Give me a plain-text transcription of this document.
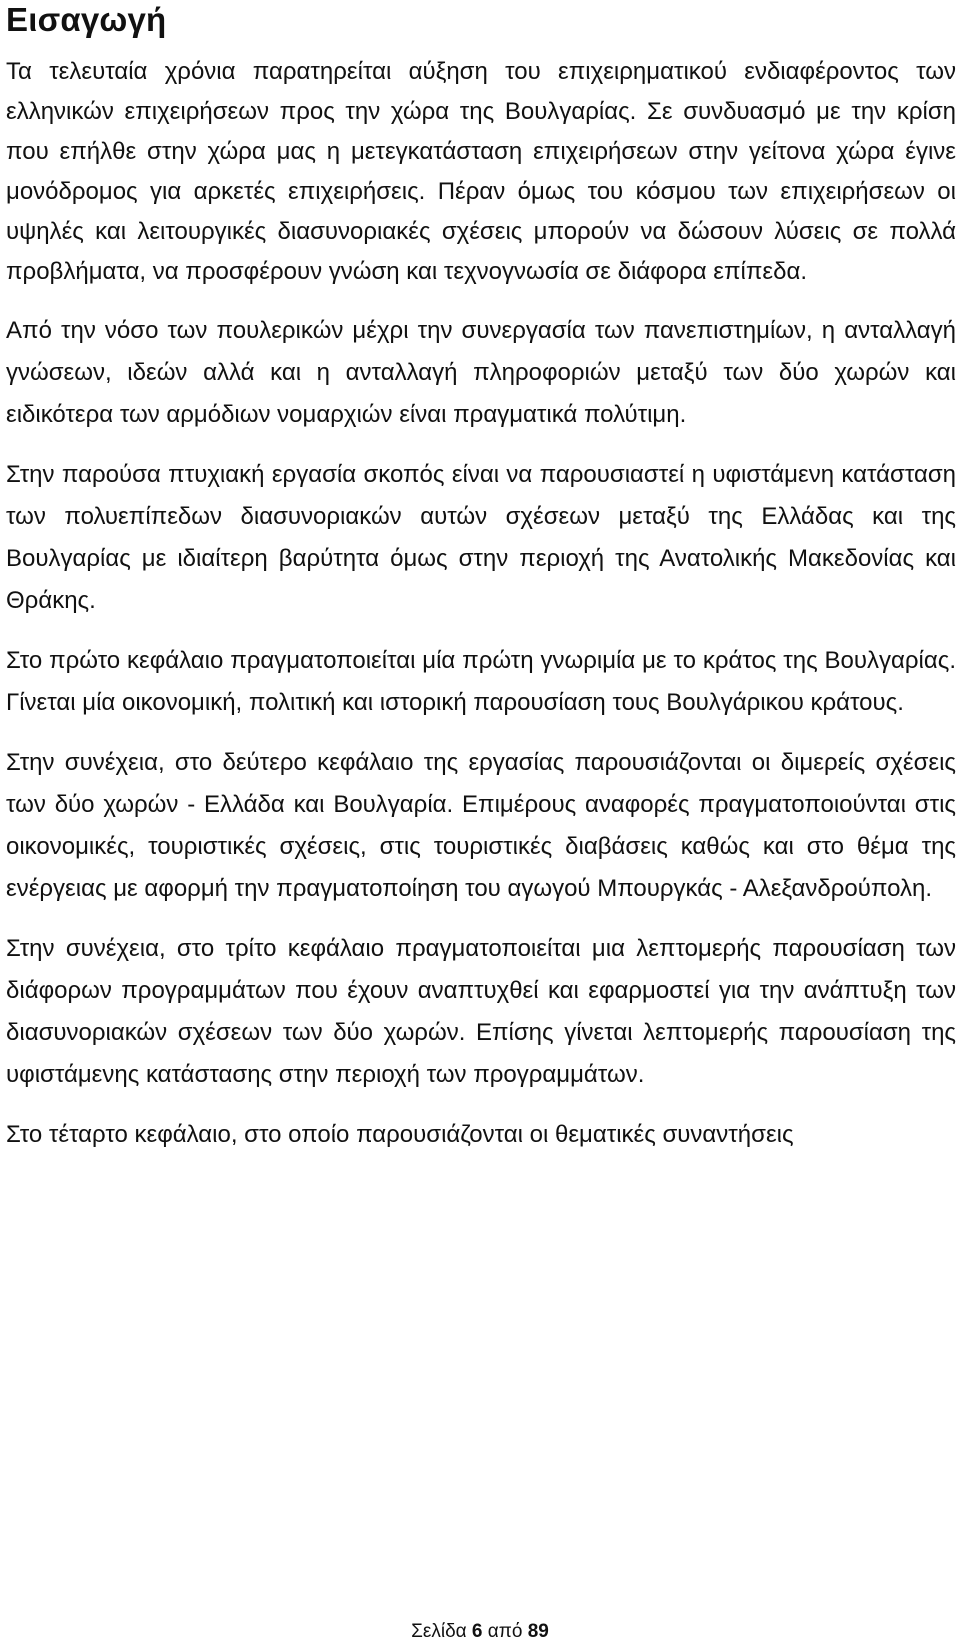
Εισαγωγή

Τα τελευταία χρόνια παρατηρείται αύξηση του επιχειρηματικού ενδιαφέροντος των ελληνικών επιχειρήσεων προς την χώρα της Βουλγαρίας. Σε συνδυασμό με την κρίση που επήλθε στην χώρα μας η μετεγκατάσταση επιχειρήσεων στην γείτονα χώρα έγινε μονόδρομος για αρκετές επιχειρήσεις. Πέραν όμως του κόσμου των επιχειρήσεων οι υψηλές και λειτουργικές διασυνοριακές σχέσεις μπορούν να δώσουν λύσεις σε πολλά προβλήματα, να προσφέρουν γνώση και τεχνογνωσία σε διάφορα επίπεδα.

Από την νόσο των πουλερικών μέχρι την συνεργασία των πανεπιστημίων, η ανταλλαγή γνώσεων, ιδεών αλλά και η ανταλλαγή πληροφοριών μεταξύ των δύο χωρών και ειδικότερα των αρμόδιων νομαρχιών είναι πραγματικά πολύτιμη.

Στην παρούσα πτυχιακή εργασία σκοπός είναι να παρουσιαστεί η υφιστάμενη κατάσταση των πολυεπίπεδων διασυνοριακών αυτών σχέσεων μεταξύ της Ελλάδας και της Βουλγαρίας με ιδιαίτερη βαρύτητα όμως στην περιοχή της Ανατολικής Μακεδονίας και Θράκης.

Στο πρώτο κεφάλαιο πραγματοποιείται μία πρώτη γνωριμία με το κράτος της Βουλγαρίας. Γίνεται μία οικονομική, πολιτική και ιστορική παρουσίαση τους Βουλγάρικου κράτους.

Στην συνέχεια, στο δεύτερο κεφάλαιο της εργασίας παρουσιάζονται οι διμερείς σχέσεις των δύο χωρών - Ελλάδα και Βουλγαρία. Επιμέρους αναφορές πραγματοποιούνται στις οικονομικές, τουριστικές σχέσεις, στις τουριστικές διαβάσεις καθώς και στο θέμα της ενέργειας με αφορμή την πραγματοποίηση του αγωγού Μπουργκάς - Αλεξανδρούπολη.

Στην συνέχεια, στο τρίτο κεφάλαιο πραγματοποιείται μια λεπτομερής παρουσίαση των διάφορων προγραμμάτων που έχουν αναπτυχθεί και εφαρμοστεί για την ανάπτυξη των διασυνοριακών σχέσεων των δύο χωρών. Επίσης γίνεται λεπτομερής παρουσίαση της υφιστάμενης κατάστασης στην περιοχή των προγραμμάτων.

Στο τέταρτο κεφάλαιο, στο οποίο παρουσιάζονται οι θεματικές συναντήσεις

Σελίδα 6 από 89
